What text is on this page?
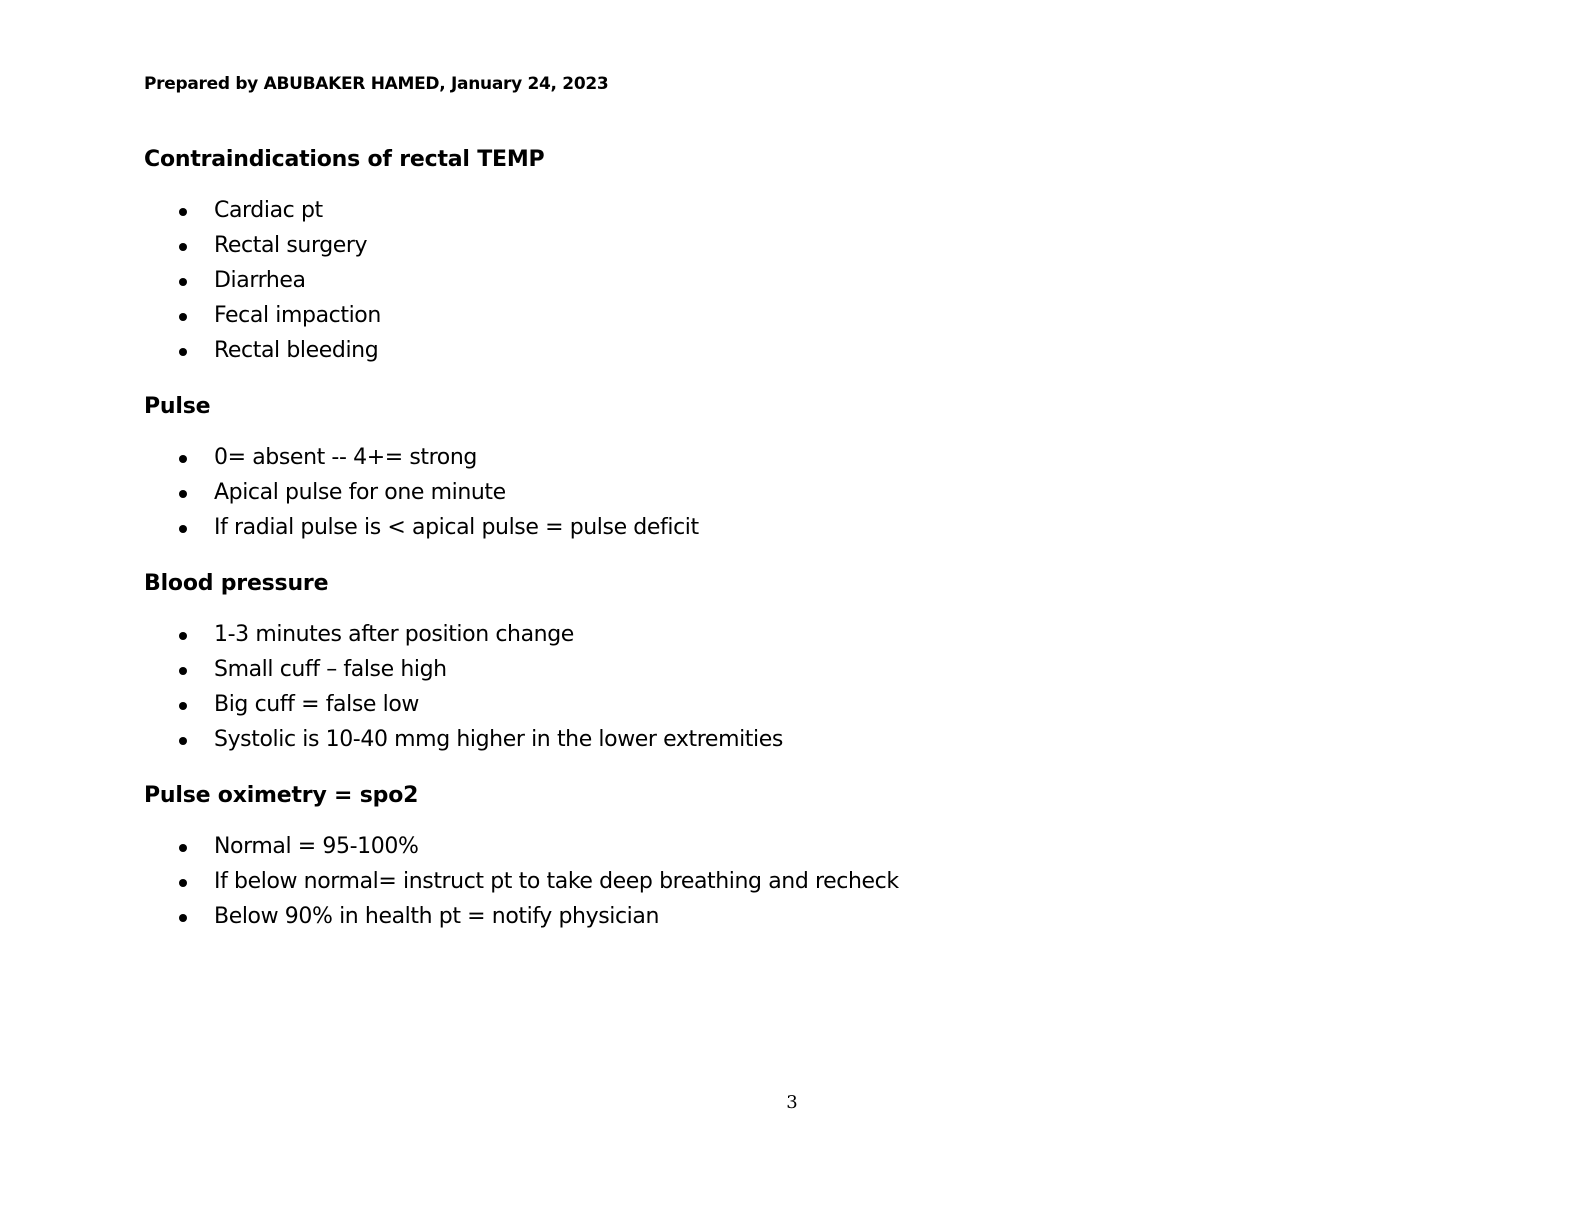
Prepared by ABUBAKER HAMED, January 24, 2023
Contraindications of rectal TEMP
Cardiac pt
Rectal surgery
Diarrhea
Fecal impaction
Rectal bleeding
Pulse
0= absent -- 4+= strong
Apical pulse for one minute
If radial pulse is < apical pulse = pulse deficit
Blood pressure
1-3 minutes after position change
Small cuff – false high
Big cuff = false low
Systolic is 10-40 mmg higher in the lower extremities
Pulse oximetry = spo2
Normal = 95-100%
If below normal= instruct pt to take deep breathing and recheck
Below 90% in health pt = notify physician
3
